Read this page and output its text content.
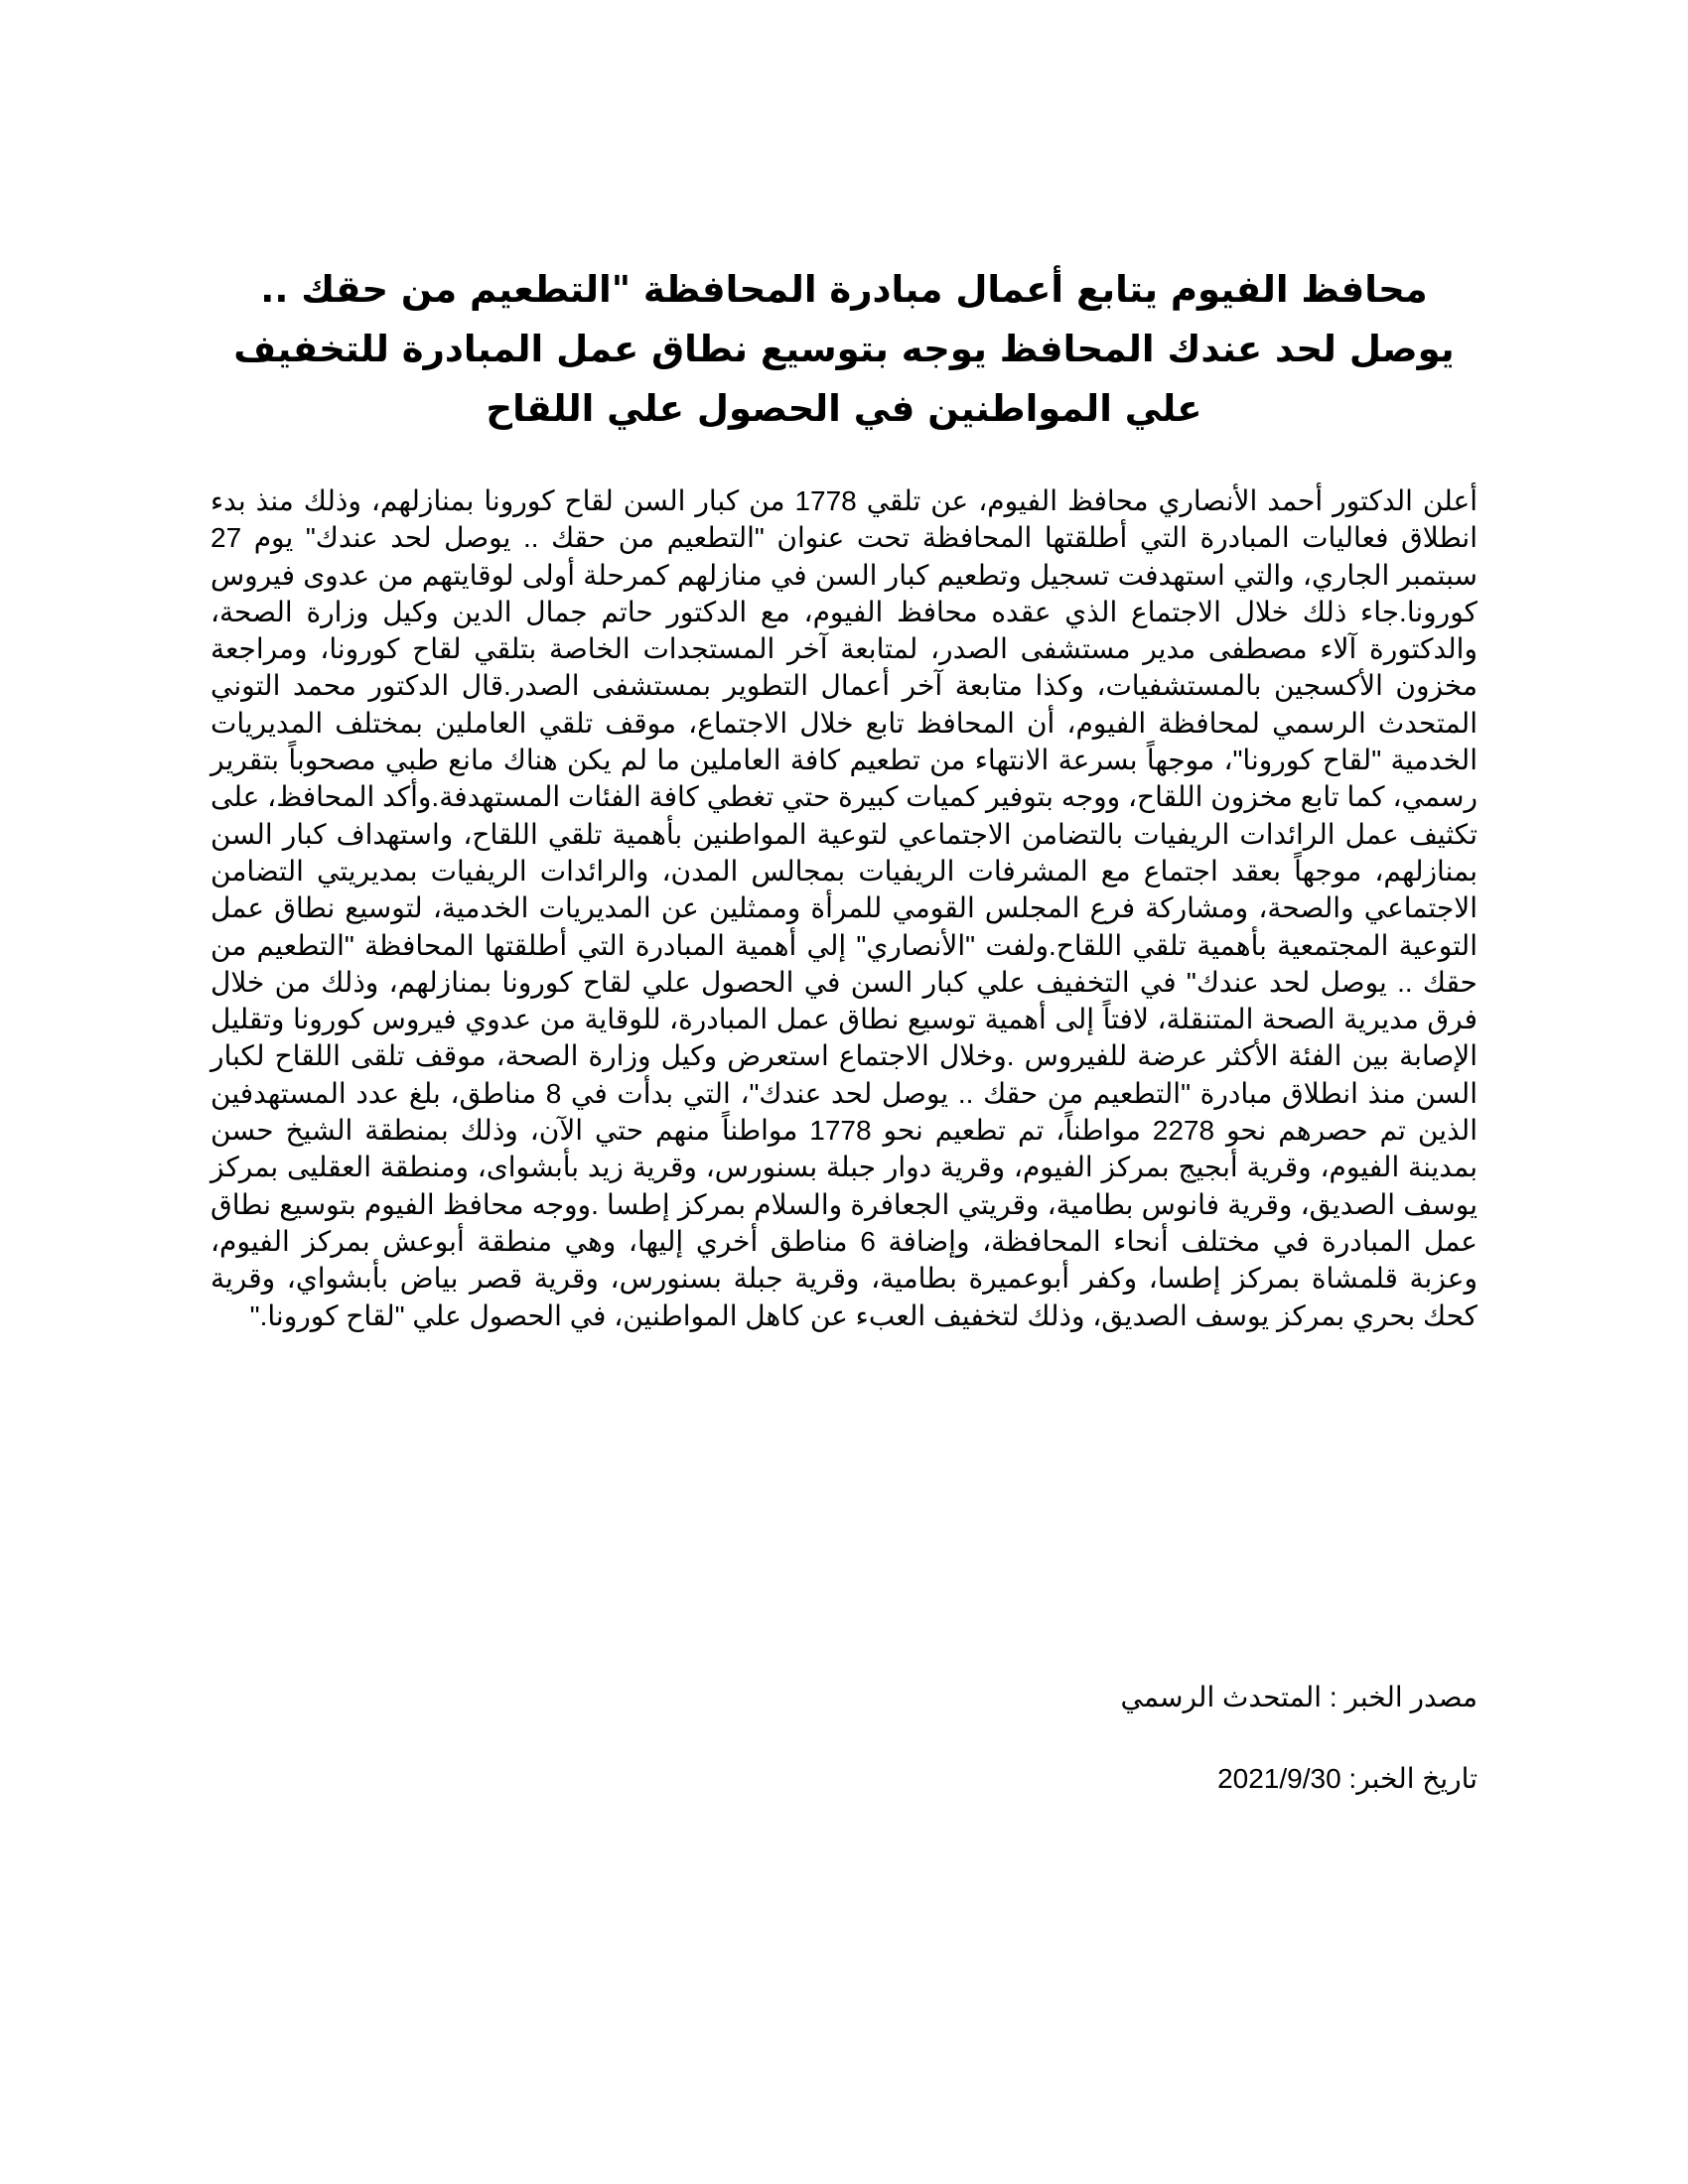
محافظ الفيوم يتابع أعمال مبادرة المحافظة "التطعيم من حقك .. يوصل لحد عندك المحافظ يوجه بتوسيع نطاق عمل المبادرة للتخفيف علي المواطنين في الحصول علي اللقاح

أعلن الدكتور أحمد الأنصاري محافظ الفيوم، عن تلقي 1778 من كبار السن لقاح كورونا بمنازلهم، وذلك منذ بدء انطلاق فعاليات المبادرة التي أطلقتها المحافظة تحت عنوان "التطعيم من حقك .. يوصل لحد عندك" يوم 27 سبتمبر الجاري، والتي استهدفت تسجيل وتطعيم كبار السن في منازلهم كمرحلة أولى لوقايتهم من عدوى فيروس كورونا.جاء ذلك خلال الاجتماع الذي عقده محافظ الفيوم، مع الدكتور حاتم جمال الدين وكيل وزارة الصحة، والدكتورة آلاء مصطفى مدير مستشفى الصدر، لمتابعة آخر المستجدات الخاصة بتلقي لقاح كورونا، ومراجعة مخزون الأكسجين بالمستشفيات، وكذا متابعة آخر أعمال التطوير بمستشفى الصدر.قال الدكتور محمد التوني المتحدث الرسمي لمحافظة الفيوم، أن المحافظ تابع خلال الاجتماع، موقف تلقي العاملين بمختلف المديريات الخدمية "لقاح كورونا"، موجهاً بسرعة الانتهاء من تطعيم كافة العاملين ما لم يكن هناك مانع طبي مصحوباً بتقرير رسمي، كما تابع مخزون اللقاح، ووجه بتوفير كميات كبيرة حتي تغطي كافة الفئات المستهدفة.وأكد المحافظ، على تكثيف عمل الرائدات الريفيات بالتضامن الاجتماعي لتوعية المواطنين بأهمية تلقي اللقاح، واستهداف كبار السن بمنازلهم، موجهاً بعقد اجتماع مع المشرفات الريفيات بمجالس المدن، والرائدات الريفيات بمديريتي التضامن الاجتماعي والصحة، ومشاركة فرع المجلس القومي للمرأة وممثلين عن المديريات الخدمية، لتوسيع نطاق عمل التوعية المجتمعية بأهمية تلقي اللقاح.ولفت "الأنصاري" إلي أهمية المبادرة التي أطلقتها المحافظة "التطعيم من حقك .. يوصل لحد عندك" في التخفيف علي كبار السن في الحصول علي لقاح كورونا بمنازلهم، وذلك من خلال فرق مديرية الصحة المتنقلة، لافتاً إلى أهمية توسيع نطاق عمل المبادرة، للوقاية من عدوي فيروس كورونا وتقليل الإصابة بين الفئة الأكثر عرضة للفيروس .وخلال الاجتماع استعرض وكيل وزارة الصحة، موقف تلقى اللقاح لكبار السن منذ انطلاق مبادرة "التطعيم من حقك .. يوصل لحد عندك"، التي بدأت في 8 مناطق، بلغ عدد المستهدفين الذين تم حصرهم نحو 2278 مواطناً، تم تطعيم نحو 1778 مواطناً منهم حتي الآن، وذلك بمنطقة الشيخ حسن بمدينة الفيوم، وقرية أبجيج بمركز الفيوم، وقرية دوار جبلة بسنورس، وقرية زيد بأبشواى، ومنطقة العقليى بمركز يوسف الصديق، وقرية فانوس بطامية، وقريتي الجعافرة والسلام بمركز إطسا .ووجه محافظ الفيوم بتوسيع نطاق عمل المبادرة في مختلف أنحاء المحافظة، وإضافة 6 مناطق أخري إليها، وهي منطقة أبوعش بمركز الفيوم، وعزبة قلمشاة بمركز إطسا، وكفر أبوعميرة بطامية، وقرية جبلة بسنورس، وقرية قصر بياض بأبشواي، وقرية كحك بحري بمركز يوسف الصديق، وذلك لتخفيف العبء عن كاهل المواطنين، في الحصول علي "لقاح كورونا."

مصدر الخبر : المتحدث الرسمي

تاريخ الخبر: 2021/9/30
